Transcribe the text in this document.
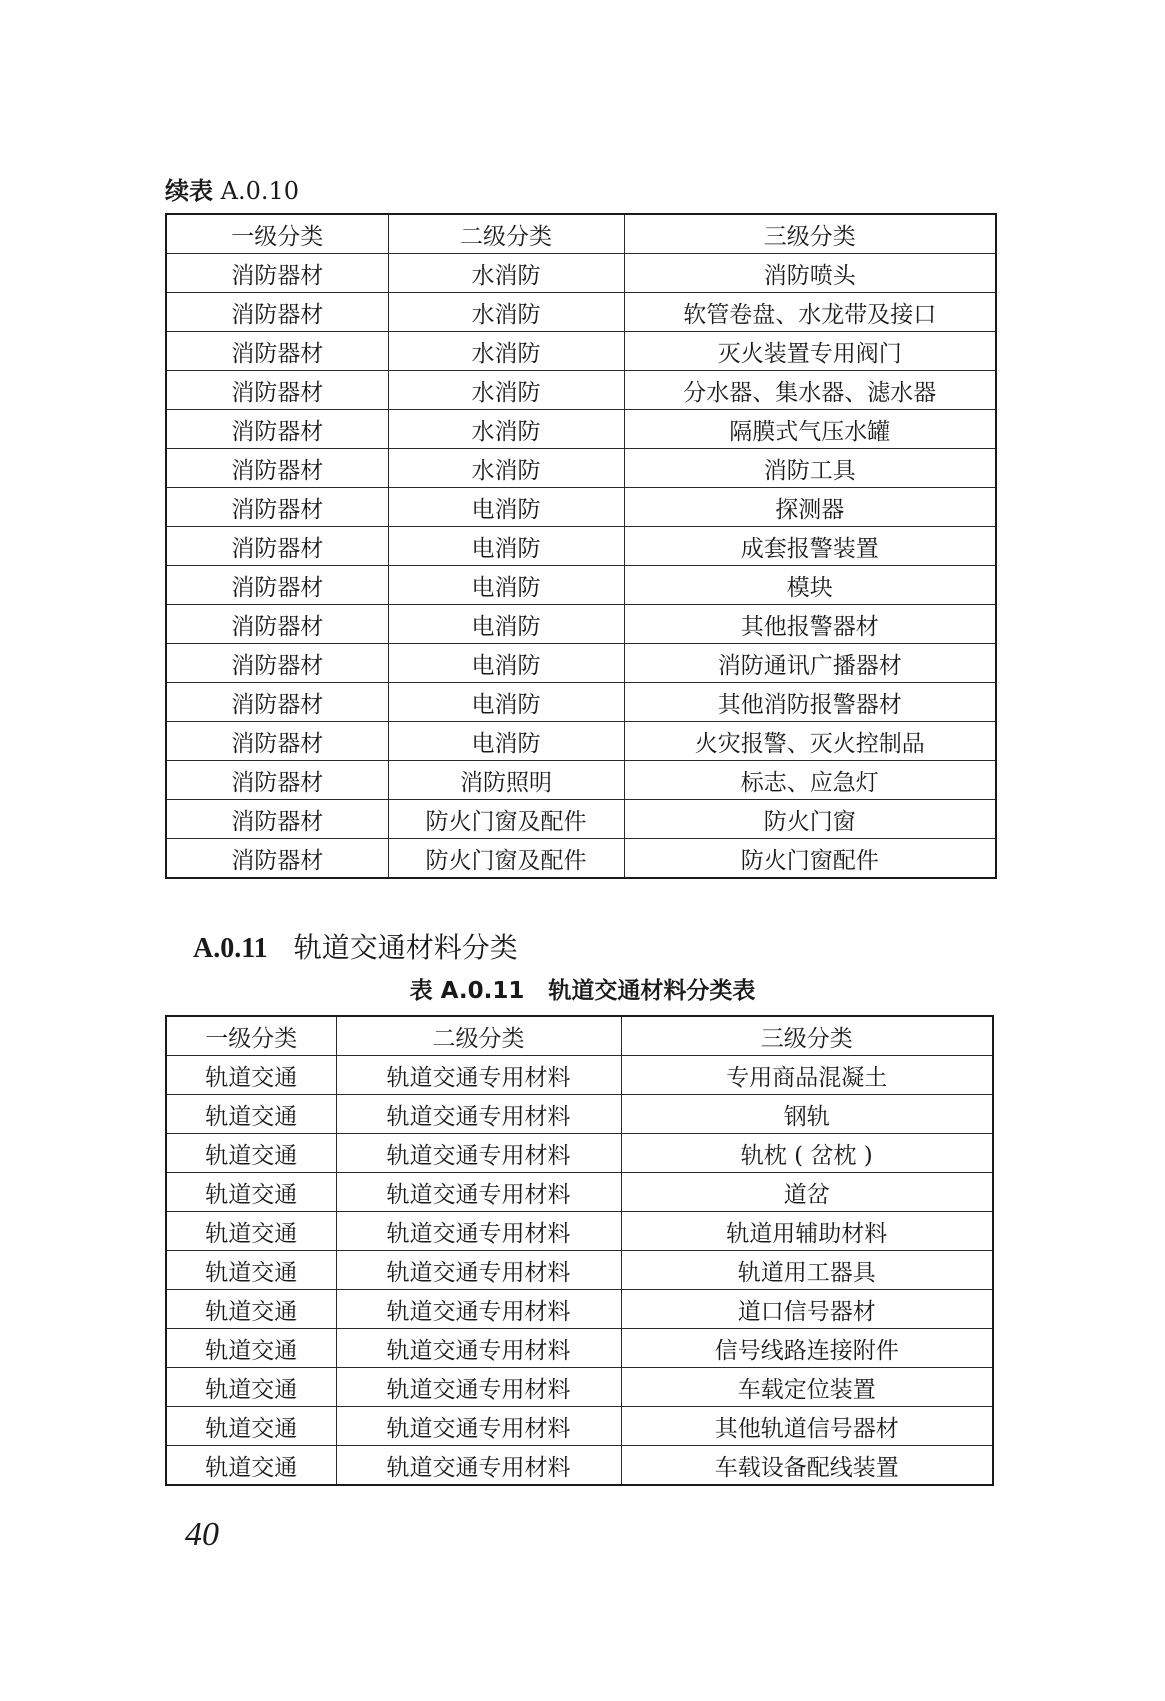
续表 A.0.10
一级分类	二级分类	三级分类
消防器材	水消防	消防喷头
消防器材	水消防	软管卷盘、水龙带及接口
消防器材	水消防	灭火装置专用阀门
消防器材	水消防	分水器、集水器、滤水器
消防器材	水消防	隔膜式气压水罐
消防器材	水消防	消防工具
消防器材	电消防	探测器
消防器材	电消防	成套报警装置
消防器材	电消防	模块
消防器材	电消防	其他报警器材
消防器材	电消防	消防通讯广播器材
消防器材	电消防	其他消防报警器材
消防器材	电消防	火灾报警、灭火控制品
消防器材	消防照明	标志、应急灯
消防器材	防火门窗及配件	防火门窗
消防器材	防火门窗及配件	防火门窗配件
A.0.11 轨道交通材料分类
表 A.0.11 轨道交通材料分类表
一级分类	二级分类	三级分类
轨道交通	轨道交通专用材料	专用商品混凝土
轨道交通	轨道交通专用材料	钢轨
轨道交通	轨道交通专用材料	轨枕 ( 岔枕 )
轨道交通	轨道交通专用材料	道岔
轨道交通	轨道交通专用材料	轨道用辅助材料
轨道交通	轨道交通专用材料	轨道用工器具
轨道交通	轨道交通专用材料	道口信号器材
轨道交通	轨道交通专用材料	信号线路连接附件
轨道交通	轨道交通专用材料	车载定位装置
轨道交通	轨道交通专用材料	其他轨道信号器材
轨道交通	轨道交通专用材料	车载设备配线装置
40
